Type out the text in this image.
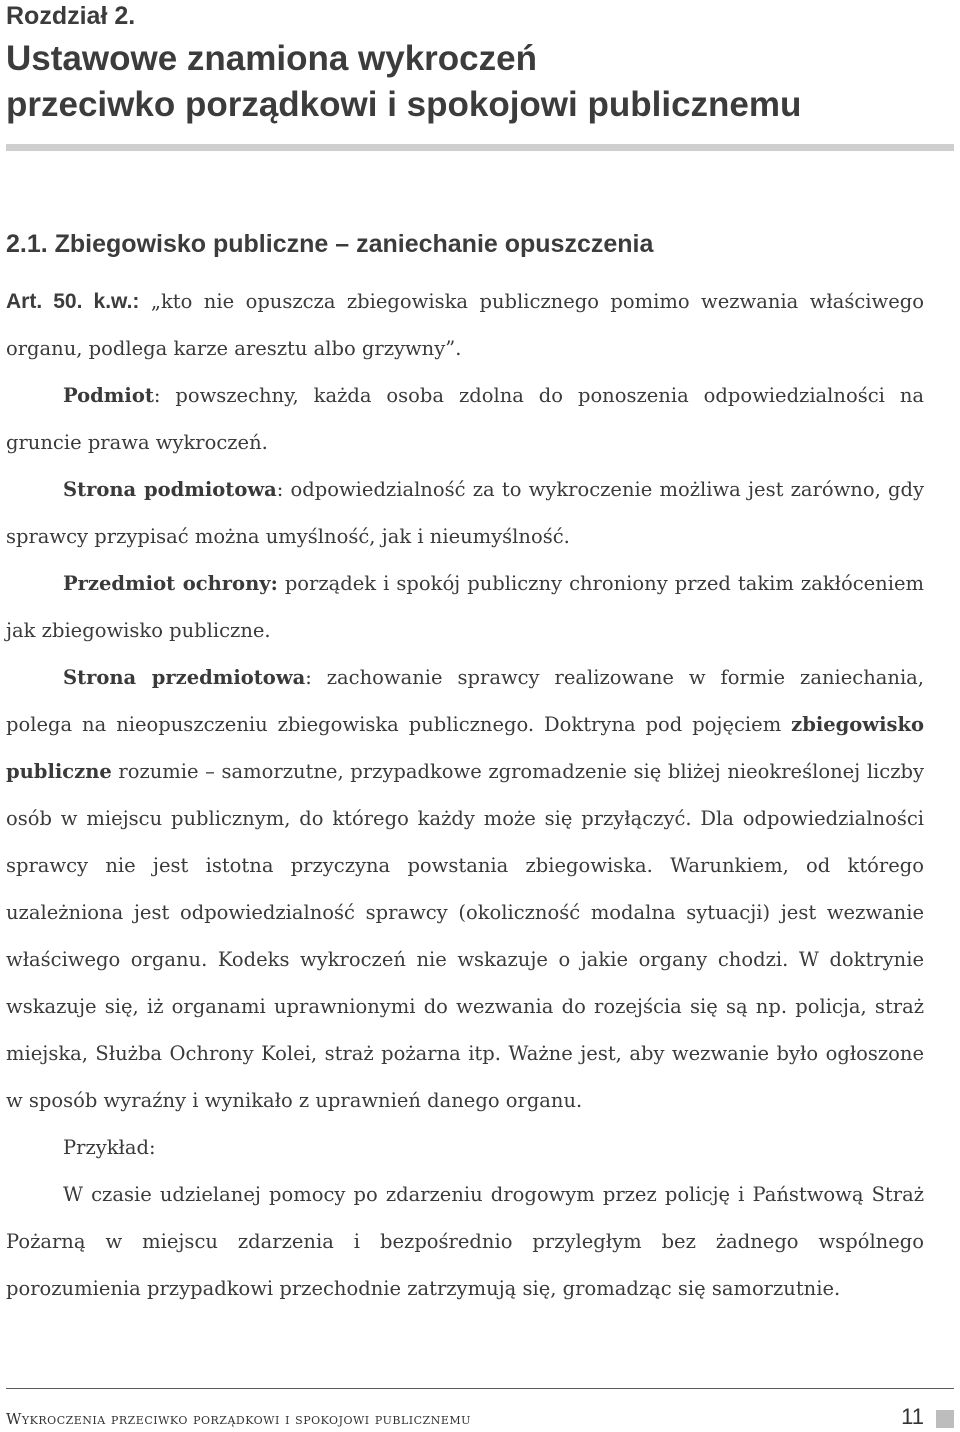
Rozdział 2.
Ustawowe znamiona wykroczeń
przeciwko porządkowi i spokojowi publicznemu
2.1. Zbiegowisko publiczne – zaniechanie opuszczenia

Art. 50. k.w.: „kto nie opuszcza zbiegowiska publicznego pomimo wezwania właściwego organu, podlega karze aresztu albo grzywny”.

Podmiot: powszechny, każda osoba zdolna do ponoszenia odpowiedzialności na gruncie prawa wykroczeń.

Strona podmiotowa: odpowiedzialność za to wykroczenie możliwa jest zarówno, gdy sprawcy przypisać można umyślność, jak i nieumyślność.

Przedmiot ochrony: porządek i spokój publiczny chroniony przed takim zakłóceniem jak zbiegowisko publiczne.

Strona przedmiotowa: zachowanie sprawcy realizowane w formie zaniechania, polega na nieopuszczeniu zbiegowiska publicznego. Doktryna pod pojęciem zbiegowisko publiczne rozumie – samorzutne, przypadkowe zgromadzenie się bliżej nieokreślonej liczby osób w miejscu publicznym, do którego każdy może się przyłączyć. Dla odpowiedzialności sprawcy nie jest istotna przyczyna powstania zbiegowiska. Warunkiem, od którego uzależniona jest odpowiedzialność sprawcy (okoliczność modalna sytuacji) jest wezwanie właściwego organu. Kodeks wykroczeń nie wskazuje o jakie organy chodzi. W doktrynie wskazuje się, iż organami uprawnionymi do wezwania do rozejścia się są np. policja, straż miejska, Służba Ochrony Kolei, straż pożarna itp. Ważne jest, aby wezwanie było ogłoszone w sposób wyraźny i wynikało z uprawnień danego organu.

Przykład:

W czasie udzielanej pomocy po zdarzeniu drogowym przez policję i Państwową Straż Pożarną w miejscu zdarzenia i bezpośrednio przyległym bez żadnego wspólnego porozumienia przypadkowi przechodnie zatrzymują się, gromadząc się samorzutnie.

Wykroczenia przeciwko porządkowi i spokojowi publicznemu	11
